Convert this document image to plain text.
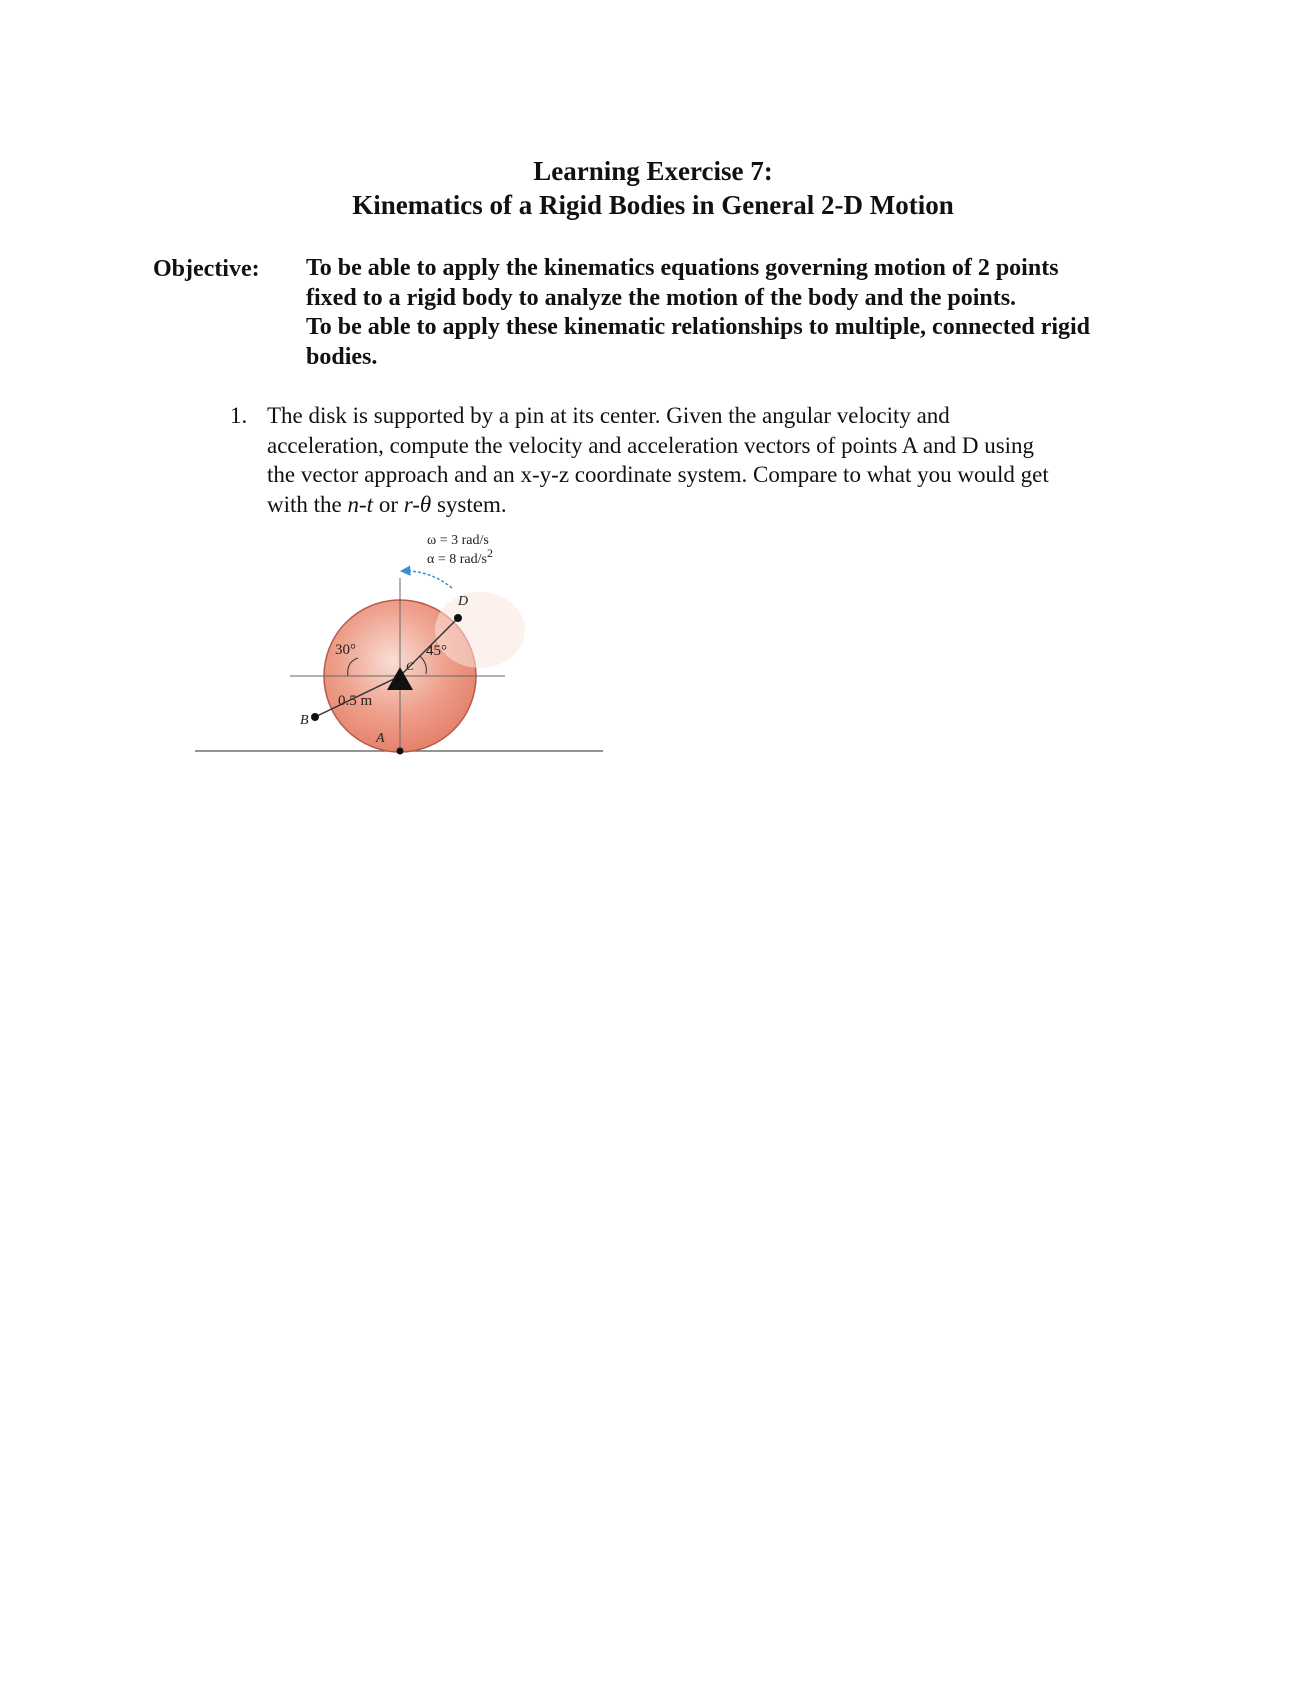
Learning Exercise 7:
Kinematics of a Rigid Bodies in General 2-D Motion
Objective: To be able to apply the kinematics equations governing motion of 2 points
fixed to a rigid body to analyze the motion of the body and the points.
To be able to apply these kinematic relationships to multiple, connected rigid
bodies.
1. The disk is supported by a pin at its center. Given the angular velocity and
acceleration, compute the velocity and acceleration vectors of points A and D using
the vector approach and an x-y-z coordinate system. Compare to what you would get
with the n-t or r-θ system.
ω = 3 rad/s
α = 8 rad/s2
D
B
A
C
30°	45°
0.5 m
